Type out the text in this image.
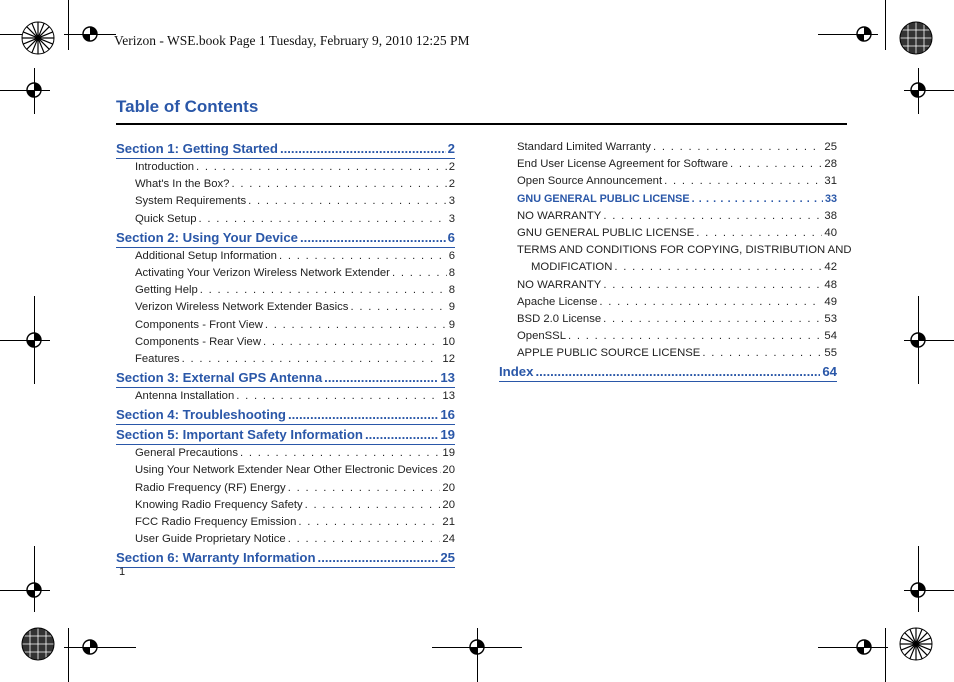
Verizon - WSE.book Page 1 Tuesday, February 9, 2010 12:25 PM
Table of Contents
Section 1: Getting Started .....	2
Introduction . . .	2
What's In the Box? . . .	2
System Requirements . . .	3
Quick Setup . . .	3
Section 2: Using Your Device .....	6
Additional Setup Information . . .	6
Activating Your Verizon Wireless Network Extender . . .	8
Getting Help . . .	8
Verizon Wireless Network Extender Basics . . .	9
Components - Front View . . .	9
Components - Rear View . . .	10
Features . . .	12
Section 3: External GPS Antenna .....	13
Antenna Installation . . .	13
Section 4: Troubleshooting .....	16
Section 5: Important Safety Information .....	19
General Precautions . . .	19
Using Your Network Extender Near Other Electronic Devices . . . 20
Radio Frequency (RF) Energy . . .	20
Knowing Radio Frequency Safety . . .	20
FCC Radio Frequency Emission . . .	21
User Guide Proprietary Notice . . .	24
Section 6: Warranty Information .....	25
Standard Limited Warranty . . .	25
End User License Agreement for Software . . .	28
Open Source Announcement . . .	31
GNU GENERAL PUBLIC LICENSE . . .	33
NO WARRANTY . . .	38
GNU GENERAL PUBLIC LICENSE . . .	40
TERMS AND CONDITIONS FOR COPYING, DISTRIBUTION AND
MODIFICATION . . .	42
NO WARRANTY . . .	48
Apache License . . .	49
BSD 2.0 License . . .	53
OpenSSL . . .	54
APPLE PUBLIC SOURCE LICENSE . . .	55
Index .....	64
1
